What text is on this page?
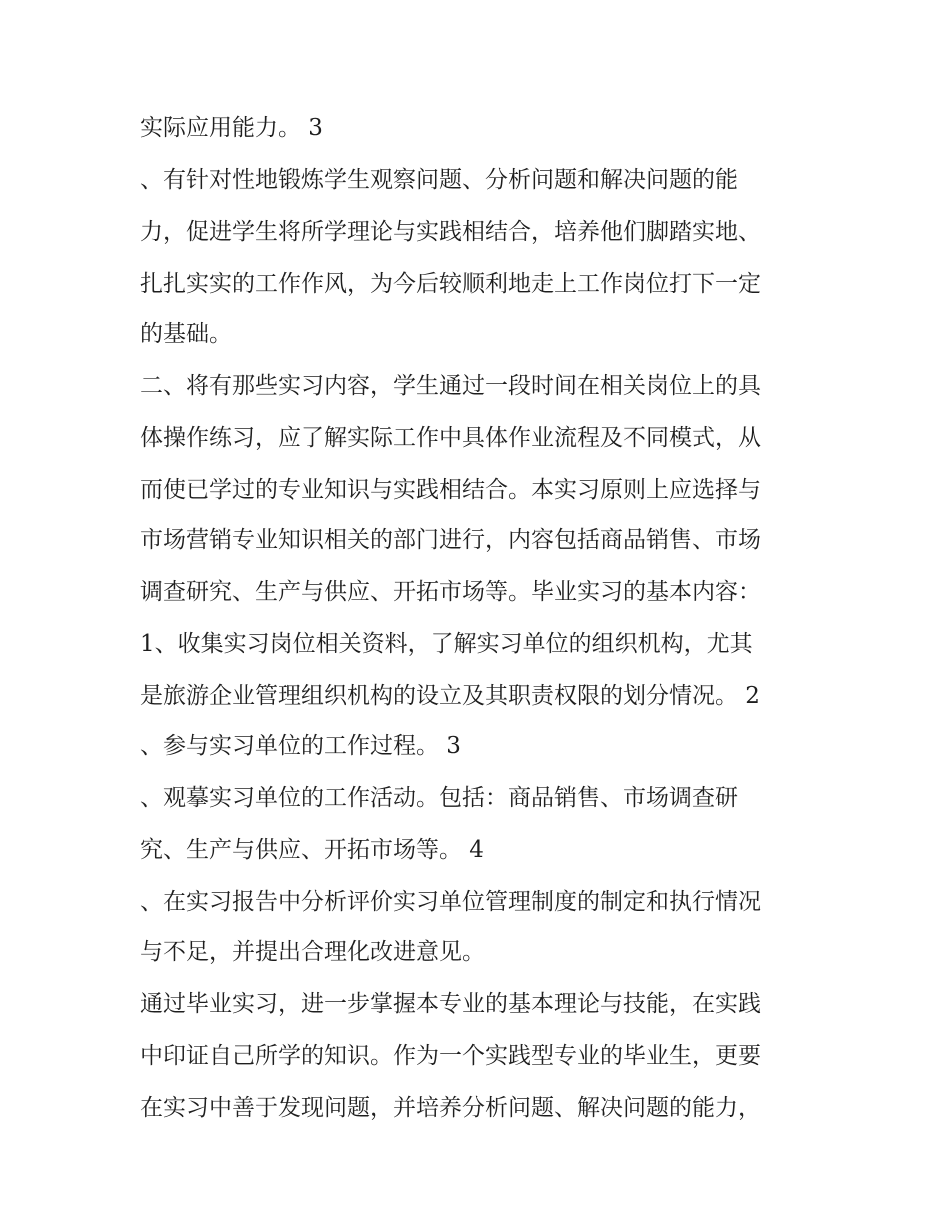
实际应用能力。 3
、有针对性地锻炼学生观察问题、分析问题和解决问题的能
力，促进学生将所学理论与实践相结合，培养他们脚踏实地、
扎扎实实的工作作风，为今后较顺利地走上工作岗位打下一定
的基础。
二、将有那些实习内容，学生通过一段时间在相关岗位上的具
体操作练习，应了解实际工作中具体作业流程及不同模式，从
而使已学过的专业知识与实践相结合。本实习原则上应选择与
市场营销专业知识相关的部门进行，内容包括商品销售、市场
调查研究、生产与供应、开拓市场等。毕业实习的基本内容：
1、收集实习岗位相关资料，了解实习单位的组织机构，尤其
是旅游企业管理组织机构的设立及其职责权限的划分情况。 2
、参与实习单位的工作过程。 3
、观摹实习单位的工作活动。包括：商品销售、市场调查研
究、生产与供应、开拓市场等。 4
、在实习报告中分析评价实习单位管理制度的制定和执行情况
与不足，并提出合理化改进意见。
通过毕业实习，进一步掌握本专业的基本理论与技能，在实践
中印证自己所学的知识。作为一个实践型专业的毕业生，更要
在实习中善于发现问题，并培养分析问题、解决问题的能力，
